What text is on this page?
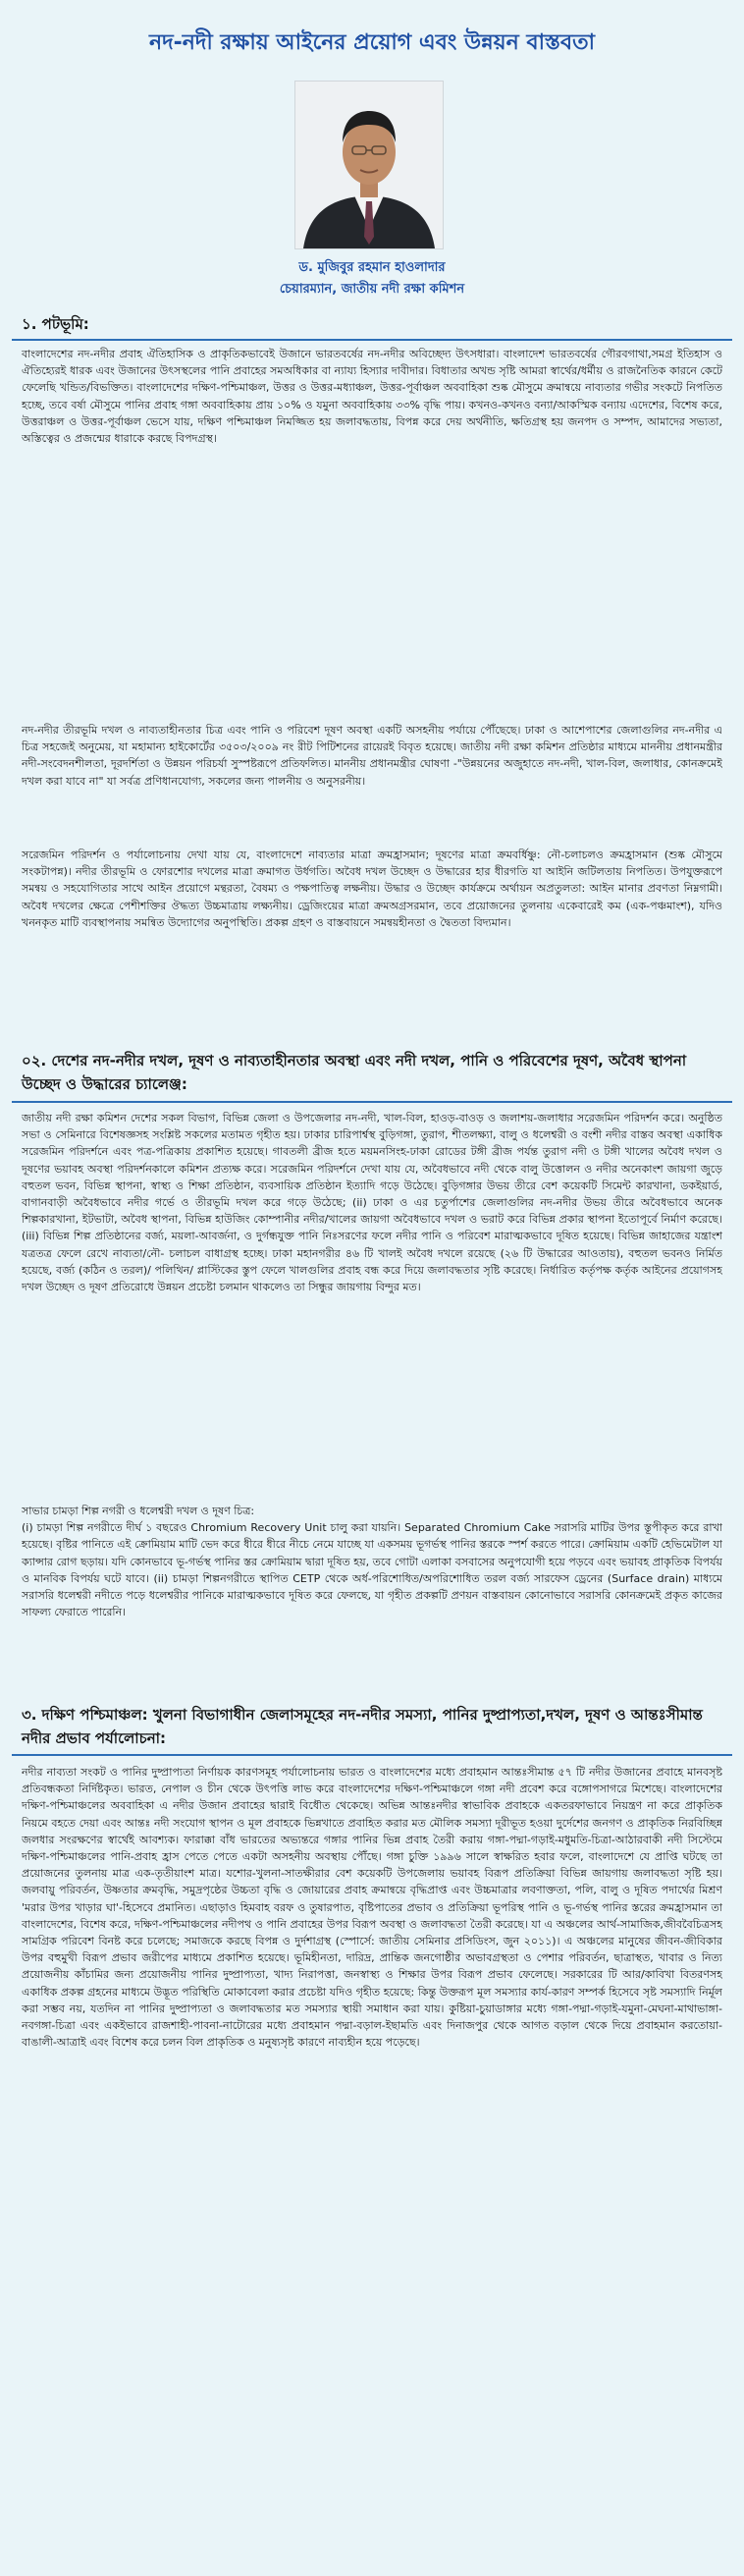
নদ-নদী রক্ষায় আইনের প্রয়োগ এবং উন্নয়ন বাস্তবতা
ড. মুজিবুর রহমান হাওলাদার
চেয়ারম্যান, জাতীয় নদী রক্ষা কমিশন
১. পটভূমি:
বাংলাদেশের নদ-নদীর প্রবাহ ঐতিহাসিক ও প্রাকৃতিকভাবেই উজানে ভারতবর্ষের নদ-নদীর অবিচ্ছেদ্য উৎসধারা। বাংলাদেশ ভারতবর্ষের গৌরবগাথা,সমগ্র ইতিহাস ও ঐতিহ্যেরই ধারক এবং উজানের উৎসস্থলের পানি প্রবাহের সমঅধিকার বা ন্যায্য হিস্যার দাবীদার। বিধাতার অখন্ড সৃষ্টি আমরা স্বার্থের/ধর্মীয় ও রাজনৈতিক কারনে কেটে ফেলেছি খন্ডিত/বিভক্তিত। বাংলাদেশের দক্ষিণ-পশ্চিমাঞ্চল, উত্তর ও উত্তর-মধ্যাঞ্চল, উত্তর-পূর্বাঞ্চল অববাহিকা শুষ্ক মৌসুমে ক্রমান্বয়ে নাব্যতার গভীর সংকটে নিপতিত হচ্ছে, তবে বর্ষা মৌসুমে পানির প্রবাহ গঙ্গা অববাহিকায় প্রায় ১০% ও যমুনা অববাহিকায় ৩৩% বৃদ্ধি পায়। কখনও-কখনও বন্যা/আকস্মিক বন্যায় এদেশের, বিশেষ করে, উত্তরাঞ্চল ও উত্তর-পূর্বাঞ্চল ভেসে যায়, দক্ষিণ পশ্চিমাঞ্চল নিমজ্জিত হয় জলাবদ্ধতায়, বিপন্ন করে দেয় অর্থনীতি, ক্ষতিগ্রস্থ হয় জনপদ ও সম্পদ, আমাদের সভ্যতা, অস্তিত্বের ও প্রজন্মের ধারাকে করছে বিপদগ্রস্থ।
নদ-নদীর তীরভূমি দখল ও নাব্যতাহীনতার চিত্র এবং পানি ও পরিবেশ দূষণ অবস্থা একটি অসহনীয় পর্যায়ে পৌঁছেছে। ঢাকা ও আশেপাশের জেলাগুলির নদ-নদীর এ চিত্র সহজেই অনুমেয়, যা মহামান্য হাইকোর্টের ৩৫০৩/২০০৯ নং রীট পিটিশনের রায়েরই বিবৃত হয়েছে। জাতীয় নদী রক্ষা কমিশন প্রতিষ্ঠার মাধ্যমে মাননীয় প্রধানমন্ত্রীর নদী-সংবেদনশীলতা, দূরদর্শিতা ও উন্নয়ন পরিচর্যা সুস্পষ্টরূপে প্রতিফলিত। মাননীয় প্রধানমন্ত্রীর ঘোষণা -"উন্নয়নের অজুহাতে নদ-নদী, খাল-বিল, জলাধার, কোনক্রমেই দখল করা যাবে না" যা সর্বত্র প্রণিধানযোগ্য, সকলের জন্য পালনীয় ও অনুসরনীয়।
সরেজমিন পরিদর্শন ও পর্যালোচনায় দেখা যায় যে, বাংলাদেশে নাব্যতার মাত্রা ক্রমহ্রাসমান; দূষণের মাত্রা ক্রমবর্ধিষ্ণু: নৌ-চলাচলও ক্রমহ্রাসমান (শুষ্ক মৌসুমে সংকটাপন্ন)। নদীর তীরভূমি ও ফোরশোর দখলের মাত্রা ক্রমাগত উর্ধগতি। অবৈধ দখল উচ্ছেদ ও উদ্ধারের হার ধীরগতি যা আইনি জটিলতায় নিপতিত। উপযুক্তরূপে সমন্বয় ও সহযোগিতার সাথে আইন প্রয়োগে মন্থরতা, বৈষম্য ও পক্ষপাতিত্ব লক্ষনীয়। উদ্ধার ও উচ্ছেদ কার্যক্রমে অর্থায়ন অপ্রতুলতা: আইন মানার প্রবণতা নিম্নগামী। অবৈধ দখলের ক্ষেত্রে পেশীশক্তির ঔদ্ধত্য উচ্চমাত্রায় লক্ষ্যনীয়। ড্রেজিংয়ের মাত্রা ক্রমঅগ্রসরমান, তবে প্রয়োজনের তুলনায় একেবারেই কম (এক-পঞ্চমাংশ), যদিও খননকৃত মাটি ব্যবস্থাপনায় সমন্বিত উদ্যোগের অনুপস্থিতি। প্রকল্প গ্রহণ ও বাস্তবায়নে সমন্বয়হীনতা ও দ্বৈততা বিদ্যমান।
০২. দেশের নদ-নদীর দখল, দূষণ ও নাব্যতাহীনতার অবস্থা এবং নদী দখল, পানি ও পরিবেশের দূষণ, অবৈধ স্থাপনা উচ্ছেদ ও উদ্ধারের চ্যালেঞ্জ:
জাতীয় নদী রক্ষা কমিশন দেশের সকল বিভাগ, বিভিন্ন জেলা ও উপজেলার নদ-নদী, খাল-বিল, হাওড়-বাওড় ও জলাশয়-জলাধার সরেজমিন পরিদর্শন করে। অনুষ্ঠিত সভা ও সেমিনারে বিশেষজ্ঞসহ সংশ্লিষ্ট সকলের মতামত গৃহীত হয়। ঢাকার চারিপার্শ্বস্থ বুড়িগঙ্গা, তুরাগ, শীতলক্ষ্যা, বালু ও ধলেশ্বরী ও বংশী নদীর বাস্তব অবস্থা একাধিক সরেজমিন পরিদর্শনে এবং পত্র-পত্রিকায় প্রকাশিত হয়েছে। গাবতলী ব্রীজ হতে ময়মনসিংহ-ঢাকা রোডের টঙ্গী ব্রীজ পর্যন্ত তুরাগ নদী ও টঙ্গী খালের অবৈধ দখল ও দূষণের ভয়াবহ অবস্থা পরিদর্শনকালে কমিশন প্রত্যক্ষ করে। সরেজমিন পরিদর্শনে দেখা যায় যে, অবৈধভাবে নদী থেকে বালু উত্তোলন ও নদীর অনেকাংশ জায়গা জুড়ে বহুতল ভবন, বিভিন্ন স্থাপনা, স্বাস্থ্য ও শিক্ষা প্রতিষ্ঠান, ব্যবসায়িক প্রতিষ্ঠান ইত্যাদি গড়ে উঠেছে। বুড়িগঙ্গার উভয় তীরে বেশ কয়েকটি সিমেন্ট কারখানা, ডকইয়ার্ড, বাগানবাড়ী অবৈধভাবে নদীর গর্ভে ও তীরভূমি দখল করে গড়ে উঠেছে; (ii) ঢাকা ও এর চতুর্পাশের জেলাগুলির নদ-নদীর উভয় তীরে অবৈধভাবে অনেক শিল্পকারখানা, ইটভাটা, অবৈধ স্থাপনা, বিভিন্ন হাউজিং কোম্পানীর নদীর/খালের জায়গা অবৈধভাবে দখল ও ভরাট করে বিভিন্ন প্রকার স্থাপনা ইতোপূর্বে নির্মাণ করেছে। (iii) বিভিন্ন শিল্প প্রতিষ্ঠানের বর্জ্য, ময়লা-আবর্জনা, ও দুর্গন্ধযুক্ত পানি নিঃসরণের ফলে নদীর পানি ও পরিবেশ মারাত্মকভাবে দূষিত হয়েছে। বিভিন্ন জাহাজের যন্ত্রাংশ যত্রতত্র ফেলে রেখে নাব্যতা/নৌ- চলাচল বাধাগ্রস্থ হচ্ছে। ঢাকা মহানগরীর ৪৬ টি খালই অবৈধ দখলে রয়েছে (২৬ টি উদ্ধারের আওতায়), বহুতল ভবনও নির্মিত হয়েছে, বর্জ্য (কঠিন ও তরল)/ পলিথিন/ প্লাস্টিকের স্তুপ ফেলে খালগুলির প্রবাহ বন্ধ করে দিয়ে জলাবদ্ধতার সৃষ্টি করেছে। নির্ধারিত কর্তৃপক্ষ কর্তৃক আইনের প্রয়োগসহ দখল উচ্ছেদ ও দূষণ প্রতিরোধে উন্নয়ন প্রচেষ্টা চলমান থাকলেও তা সিন্ধুর জায়গায় বিন্দুর মত।
সাভার চামড়া শিল্প নগরী ও ধলেশ্বরী দখল ও দূষণ চিত্র:
(i) চামড়া শিল্প নগরীতে দীর্ঘ ১ বছরেও Chromium Recovery Unit চালু করা যায়নি। Separated Chromium Cake সরাসরি মাটির উপর স্তূপীকৃত করে রাখা হয়েছে। বৃষ্টির পানিতে এই ক্রোমিয়াম মাটি ভেদ করে ধীরে ধীরে নীচে নেমে যাচ্ছে যা একসময় ভূগর্ভস্থ পানির স্তরকে স্পর্শ করতে পারে। ক্রোমিয়াম একটি হেভিমেটাল যা ক্যান্সার রোগ ছড়ায়। যদি কোনভাবে ভূ-গর্ভস্থ পানির স্তর ক্রোমিয়াম দ্বারা দূষিত হয়, তবে গোটা এলাকা বসবাসের অনুপযোগী হয়ে পড়বে এবং ভয়াবহ প্রাকৃতিক বিপর্যয় ও মানবিক বিপর্যয় ঘটে যাবে। (ii) চামড়া শিল্পনগরীতে স্থাপিত CETP থেকে অর্ধ-পরিশোধিত/অপরিশোধিত তরল বর্জ্য সারফেস ড্রেনের (Surface drain) মাধ্যমে সরাসরি ধলেশ্বরী নদীতে পড়ে ধলেশ্বরীর পানিকে মারাত্মকভাবে দূষিত করে ফেলছে, যা গৃহীত প্রকল্পটি প্রণয়ন বাস্তবায়ন কোনোভাবে সরাসরি কোনক্রমেই প্রকৃত কাজের সাফল্য ফেরাতে পারেনি।
৩. দক্ষিণ পশ্চিমাঞ্চল: খুলনা বিভাগাধীন জেলাসমূহের নদ-নদীর সমস্যা, পানির দুষ্প্রাপ্যতা,দখল, দূষণ ও আন্তঃসীমান্ত নদীর প্রভাব পর্যালোচনা:
নদীর নাব্যতা সংকট ও পানির দুষ্প্রাপ্যতা নির্ণায়ক কারণসমূহ পর্যালোচনায় ভারত ও বাংলাদেশের মধ্যে প্রবাহমান আন্তঃসীমান্ত ৫৭ টি নদীর উজানের প্রবাহে মানবসৃষ্ট প্রতিবন্ধকতা নির্দিষ্টকৃত। ভারত, নেপাল ও চীন থেকে উৎপত্তি লাভ করে বাংলাদেশের দক্ষিণ-পশ্চিমাঞ্চলে গঙ্গা নদী প্রবেশ করে বঙ্গোপসাগরে মিশেছে। বাংলাদেশের দক্ষিণ-পশ্চিমাঞ্চলের অববাহিকা এ নদীর উজান প্রবাহের দ্বারাই বিধৌত থেকেছে। অভিন্ন আন্তঃনদীর স্বাভাবিক প্রবাহকে একতরফাভাবে নিয়ন্ত্রণ না করে প্রাকৃতিক নিয়মে বহতে দেয়া এবং আন্তঃ নদী সংযোগ স্থাপন ও মূল প্রবাহকে ভিন্নখাতে প্রবাহিত করার মত মৌলিক সমস্যা দূরীভূত হওয়া দুর্দেশের জনগণ ও প্রাকৃতিক নিরবিচ্ছিন্ন জলধার সংরক্ষণের স্বার্থেই আবশ্যক। ফারাক্কা বাঁধ ভারতের অভ্যন্তরে গঙ্গার পানির ভিন্ন প্রবাহ তৈরী করায় গঙ্গা-পদ্মা-গড়াই-মধুমতি-চিত্রা-আঠারবাকী নদী সিস্টেমে দক্ষিণ-পশ্চিমাঞ্চলের পানি-প্রবাহ হ্রাস পেতে পেতে একটা অসহনীয় অবস্থায় পৌঁছে। গঙ্গা চুক্তি ১৯৯৬ সালে স্বাক্ষরিত হবার ফলে, বাংলাদেশে যে প্রাপ্তি ঘটছে তা প্রয়োজনের তুলনায় মাত্র এক-তৃতীয়াংশ মাত্র। যশোর-খুলনা-সাতক্ষীরার বেশ কয়েকটি উপজেলায় ভয়াবহ বিরূপ প্রতিক্রিয়া বিভিন্ন জায়গায় জলাবদ্ধতা সৃষ্টি হয়। জলবায়ু পরিবর্তন, উষ্ণতার ক্রমবৃদ্ধি, সমুদ্রপৃষ্ঠের উচ্চতা বৃদ্ধি ও জোয়ারের প্রবাহ ক্রমান্বয়ে বৃদ্ধিপ্রাপ্ত এবং উচ্চমাত্রার লবণাক্ততা, পলি, বালু ও দূষিত পদার্থের মিশ্রণ 'মরার উপর খাড়ার ঘা'-হিসেবে প্রমানিত। এছাড়াও হিমবাহ বরফ ও তুষারপাত, বৃষ্টিপাতের প্রভাব ও প্রতিক্রিয়া ভূপরিস্থ পানি ও ভূ-গর্ভস্থ পানির স্তরের ক্রমহ্রাসমান তা বাংলাদেশের, বিশেষ করে, দক্ষিণ-পশ্চিমাঞ্চলের নদীপথ ও পানি প্রবাহের উপর বিরূপ অবস্থা ও জলাবদ্ধতা তৈরী করেছে। যা এ অঞ্চলের আর্থ-সামাজিক,জীববৈচিত্রসহ সামগ্রিক পরিবেশ বিনষ্ট করে চলেছে; সমাজকে করছে বিপন্ন ও দুর্দশাগ্রস্থ (স্পোর্সে: জাতীয় সেমিনার প্রসিডিংস, জুন ২০১১)। এ অঞ্চলের মানুষের জীবন-জীবিকার উপর বহুমুখী বিরূপ প্রভাব জরীপের মাধ্যমে প্রকাশিত হয়েছে। ভূমিহীনতা, দারিদ্র, প্রান্তিক জনগোষ্ঠীর অভাবগ্রস্থতা ও পেশার পরিবর্তন, ছাত্রাস্থত, খাবার ও নিত্য প্রয়োজনীয় কাঁচামির জন্য প্রয়োজনীয় পানির দুষ্প্রাপ্যতা, খাদ্য নিরাপত্তা, জনস্বাস্থ্য ও শিক্ষার উপর বিরূপ প্রভাব ফেলেছে। সরকারের টি আর/কাবিখা বিতরণসহ একাধিক প্রকল্প গ্রহনের মাধ্যমে উদ্ভূত পরিস্থিতি মোকাবেলা করার প্রচেষ্টা যদিও গৃহীত হয়েছে: কিন্তু উক্তরূপ মূল সমস্যার কার্য-কারণ সম্পর্ক হিসেবে সৃষ্ট সমস্যাদি নির্মূল করা সম্ভব নয়, যতদিন না পানির দুষ্প্রাপ্যতা ও জলাবদ্ধতার মত সমস্যার স্থায়ী সমাধান করা যায়। কুষ্টিয়া-চুয়াডাঙ্গার মধ্যে গঙ্গা-পদ্মা-গড়াই-যমুনা-মেঘনা-মাথাভাঙ্গা-নবগঙ্গা-চিত্রা এবং একইভাবে রাজশাহী-পাবনা-নাটোরের মধ্যে প্রবাহমান পদ্মা-বড়াল-ইছামতি এবং দিনাজপুর থেকে আগত বড়াল থেকে দিয়ে প্রবাহমান করতোয়া-বাঙালী-আত্রাই এবং বিশেষ করে চলন বিল প্রাকৃতিক ও মনুষ্যসৃষ্ট কারণে নাব্যহীন হয়ে পড়েছে।
